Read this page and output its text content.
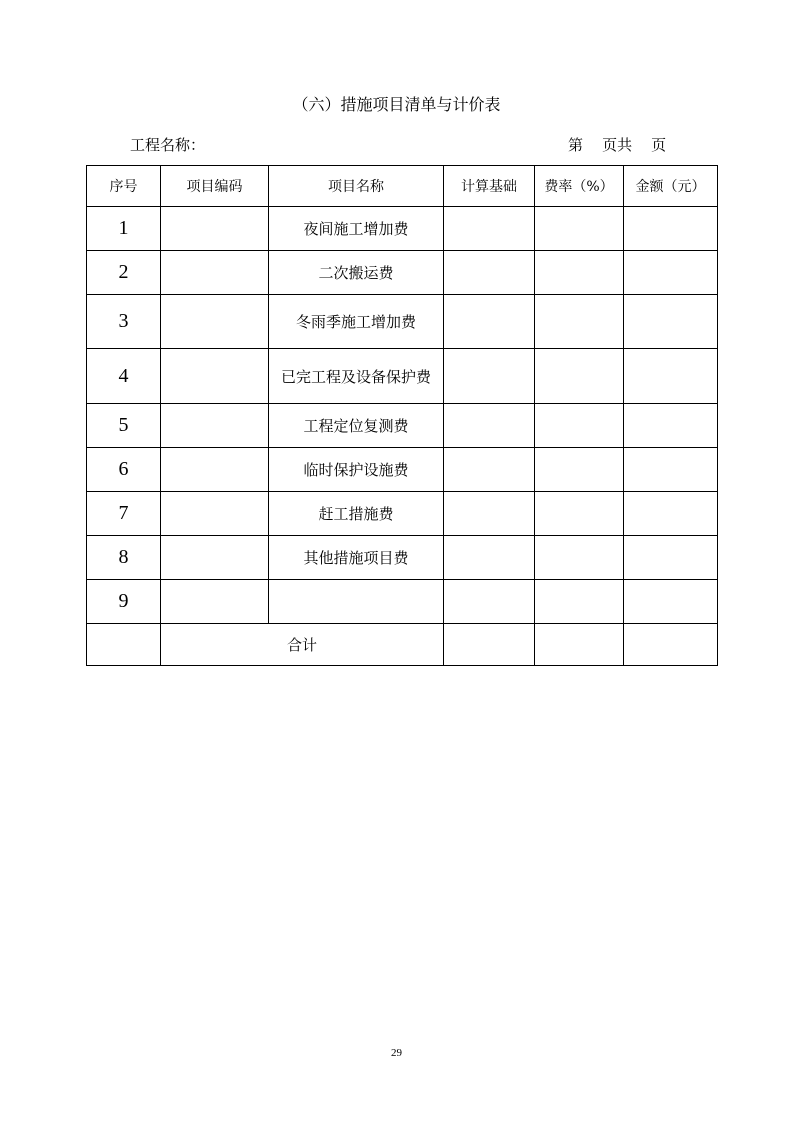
（六）措施项目清单与计价表
工程名称：	第    页共    页
序号	项目编码	项目名称	计算基础	费率（%）	金额（元）
1		夜间施工增加费			
2		二次搬运费			
3		冬雨季施工增加费			
4		已完工程及设备保护费			
5		工程定位复测费			
6		临时保护设施费			
7		赶工措施费			
8		其他措施项目费			
9					
	合计				
29
